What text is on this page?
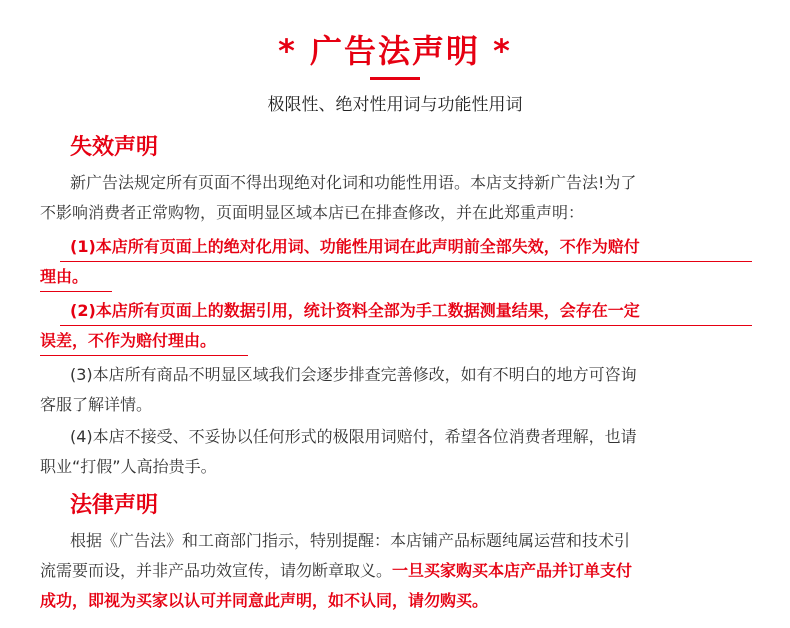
* 广告法声明 *
极限性、绝对性用词与功能性用词
失效声明
新广告法规定所有页面不得出现绝对化词和功能性用语。本店支持新广告法!为了
不影响消费者正常购物，页面明显区域本店已在排查修改，并在此郑重声明：
(1)本店所有页面上的绝对化用词、功能性用词在此声明前全部失效，不作为赔付
理由。
(2)本店所有页面上的数据引用，统计资料全部为手工数据测量结果，会存在一定
误差，不作为赔付理由。
(3)本店所有商品不明显区域我们会逐步排查完善修改，如有不明白的地方可咨询
客服了解详情。
(4)本店不接受、不妥协以任何形式的极限用词赔付，希望各位消费者理解，也请
职业“打假”人高抬贵手。
法律声明
根据《广告法》和工商部门指示，特别提醒：本店铺产品标题纯属运营和技术引
流需要而设，并非产品功效宣传，请勿断章取义。一旦买家购买本店产品并订单支付
成功，即视为买家以认可并同意此声明，如不认同，请勿购买。
